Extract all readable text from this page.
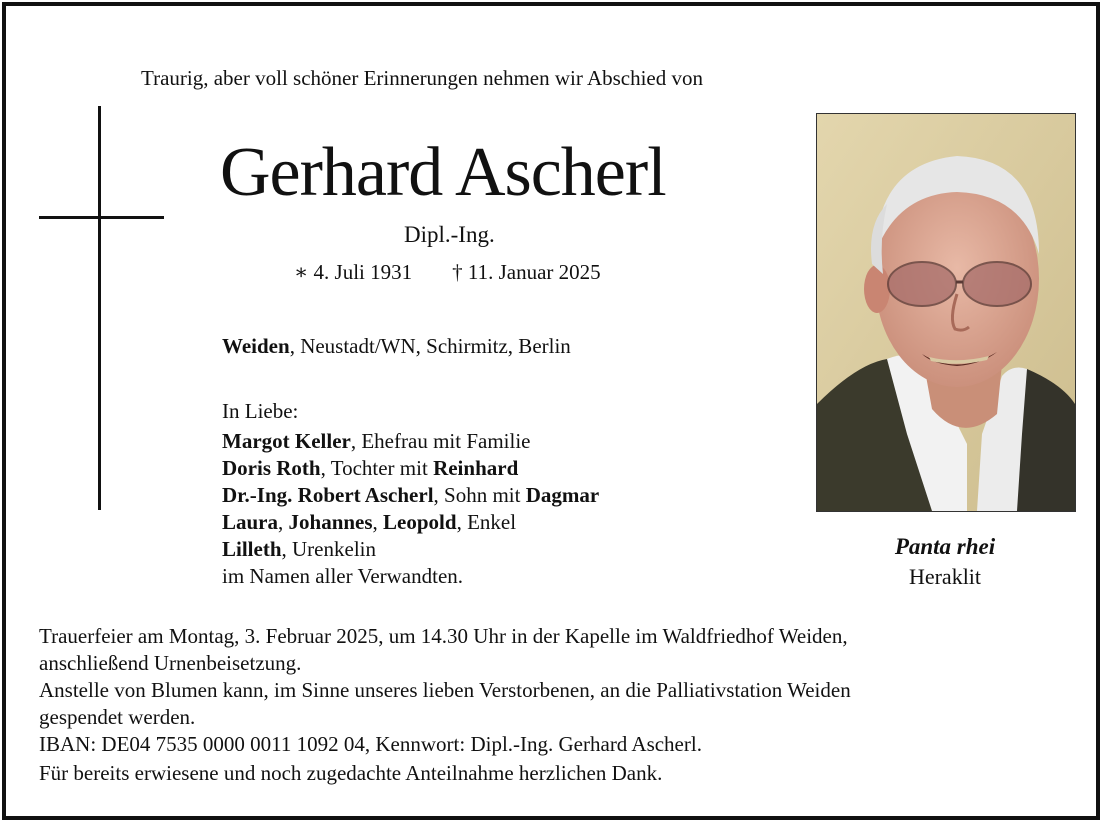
Traurig, aber voll schöner Erinnerungen nehmen wir Abschied von
Gerhard Ascherl
Dipl.-Ing.
∗ 4. Juli 1931 † 11. Januar 2025
Weiden, Neustadt/WN, Schirmitz, Berlin
In Liebe:
Margot Keller, Ehefrau mit Familie
Doris Roth, Tochter mit Reinhard
Dr.-Ing. Robert Ascherl, Sohn mit Dagmar
Laura, Johannes, Leopold, Enkel
Lilleth, Urenkelin
im Namen aller Verwandten.
Panta rhei
Heraklit
Trauerfeier am Montag, 3. Februar 2025, um 14.30 Uhr in der Kapelle im Waldfriedhof Weiden,
anschließend Urnenbeisetzung.
Anstelle von Blumen kann, im Sinne unseres lieben Verstorbenen, an die Palliativstation Weiden
gespendet werden.
IBAN: DE04 7535 0000 0011 1092 04, Kennwort: Dipl.-Ing. Gerhard Ascherl.
Für bereits erwiesene und noch zugedachte Anteilnahme herzlichen Dank.
